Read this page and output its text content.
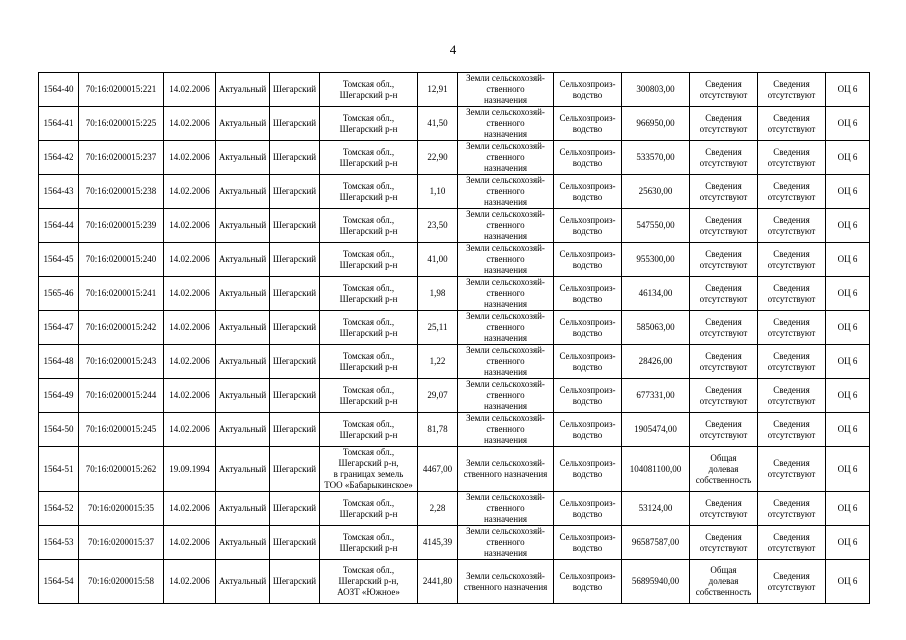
4
1564-40	70:16:0200015:221	14.02.2006	Актуальный	Шегарский	Томская обл.,
Шегарский р-н	12,91	Земли сельскохозяй-
ственного
назначения	Сельхозпроиз-
водство	300803,00	Сведения
отсутствуют	Сведения
отсутствуют	ОЦ 6
1564-41	70:16:0200015:225	14.02.2006	Актуальный	Шегарский	Томская обл.,
Шегарский р-н	41,50	Земли сельскохозяй-
ственного
назначения	Сельхозпроиз-
водство	966950,00	Сведения
отсутствуют	Сведения
отсутствуют	ОЦ 6
1564-42	70:16:0200015:237	14.02.2006	Актуальный	Шегарский	Томская обл.,
Шегарский р-н	22,90	Земли сельскохозяй-
ственного
назначения	Сельхозпроиз-
водство	533570,00	Сведения
отсутствуют	Сведения
отсутствуют	ОЦ 6
1564-43	70:16:0200015:238	14.02.2006	Актуальный	Шегарский	Томская обл.,
Шегарский р-н	1,10	Земли сельскохозяй-
ственного
назначения	Сельхозпроиз-
водство	25630,00	Сведения
отсутствуют	Сведения
отсутствуют	ОЦ 6
1564-44	70:16:0200015:239	14.02.2006	Актуальный	Шегарский	Томская обл.,
Шегарский р-н	23,50	Земли сельскохозяй-
ственного
назначения	Сельхозпроиз-
водство	547550,00	Сведения
отсутствуют	Сведения
отсутствуют	ОЦ 6
1564-45	70:16:0200015:240	14.02.2006	Актуальный	Шегарский	Томская обл.,
Шегарский р-н	41,00	Земли сельскохозяй-
ственного
назначения	Сельхозпроиз-
водство	955300,00	Сведения
отсутствуют	Сведения
отсутствуют	ОЦ 6
1565-46	70:16:0200015:241	14.02.2006	Актуальный	Шегарский	Томская обл.,
Шегарский р-н	1,98	Земли сельскохозяй-
ственного
назначения	Сельхозпроиз-
водство	46134,00	Сведения
отсутствуют	Сведения
отсутствуют	ОЦ 6
1564-47	70:16:0200015:242	14.02.2006	Актуальный	Шегарский	Томская обл.,
Шегарский р-н	25,11	Земли сельскохозяй-
ственного
назначения	Сельхозпроиз-
водство	585063,00	Сведения
отсутствуют	Сведения
отсутствуют	ОЦ 6
1564-48	70:16:0200015:243	14.02.2006	Актуальный	Шегарский	Томская обл.,
Шегарский р-н	1,22	Земли сельскохозяй-
ственного
назначения	Сельхозпроиз-
водство	28426,00	Сведения
отсутствуют	Сведения
отсутствуют	ОЦ 6
1564-49	70:16:0200015:244	14.02.2006	Актуальный	Шегарский	Томская обл.,
Шегарский р-н	29,07	Земли сельскохозяй-
ственного
назначения	Сельхозпроиз-
водство	677331,00	Сведения
отсутствуют	Сведения
отсутствуют	ОЦ 6
1564-50	70:16:0200015:245	14.02.2006	Актуальный	Шегарский	Томская обл.,
Шегарский р-н	81,78	Земли сельскохозяй-
ственного
назначения	Сельхозпроиз-
водство	1905474,00	Сведения
отсутствуют	Сведения
отсутствуют	ОЦ 6
1564-51	70:16:0200015:262	19.09.1994	Актуальный	Шегарский	Томская обл.,
Шегарский р-н,
в границах земель
ТОО «Бабарыкинское»	4467,00	Земли сельскохозяй-
ственного назначения	Сельхозпроиз-
водство	104081100,00	Общая
долевая
собственность	Сведения
отсутствуют	ОЦ 6
1564-52	70:16:0200015:35	14.02.2006	Актуальный	Шегарский	Томская обл.,
Шегарский р-н	2,28	Земли сельскохозяй-
ственного
назначения	Сельхозпроиз-
водство	53124,00	Сведения
отсутствуют	Сведения
отсутствуют	ОЦ 6
1564-53	70:16:0200015:37	14.02.2006	Актуальный	Шегарский	Томская обл.,
Шегарский р-н	4145,39	Земли сельскохозяй-
ственного
назначения	Сельхозпроиз-
водство	96587587,00	Сведения
отсутствуют	Сведения
отсутствуют	ОЦ 6
1564-54	70:16:0200015:58	14.02.2006	Актуальный	Шегарский	Томская обл.,
Шегарский р-н,
АОЗТ «Южное»	2441,80	Земли сельскохозяй-
ственного назначения	Сельхозпроиз-
водство	56895940,00	Общая
долевая
собственность	Сведения
отсутствуют	ОЦ 6
